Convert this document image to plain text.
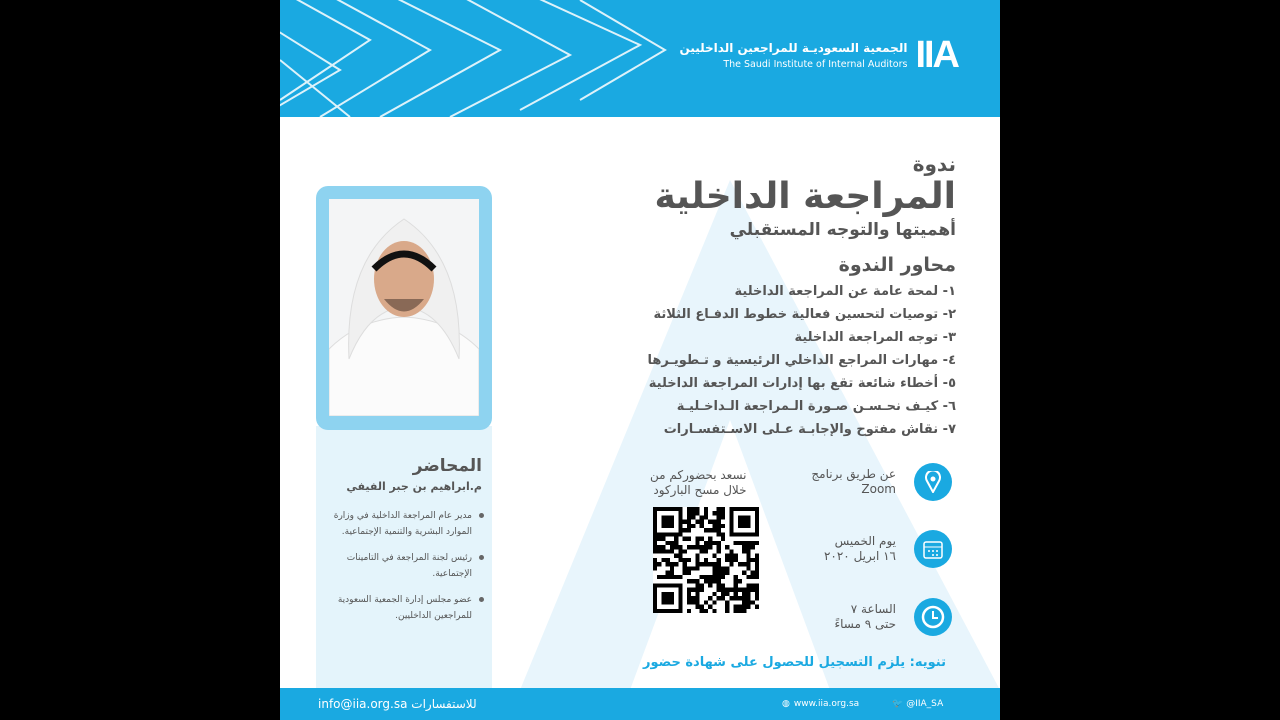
الجمعية السعوديـة للمراجعين الداخليين
The Saudi Institute of Internal Auditors IIA
ندوة
المراجعة الداخلية
أهميتها والتوجه المستقبلي
محاور الندوة
١- لمحة عامة عن المراجعة الداخلية
٢- توصيات لتحسين فعالية خطوط الدفـاع الثلاثة
٣- توجه المراجعة الداخلية
٤- مهارات المراجع الداخلي الرئيسية و تـطويـرها
٥- أخطاء شائعة تقع بها إدارات المراجعة الداخلية
٦- كيـف نحـسـن صـورة الـمراجعة الـداخـليـة
٧- نقاش مفتوح والإجابـة عـلى الاسـتفسـارات
المحاضر
م.ابراهيم بن جبر الفيفي
مدير عام المراجعة الداخلية في وزارة الموارد البشرية والتنمية الإجتماعية.
رئيس لجنة المراجعة في التامينات الإجتماعية.
عضو مجلس إدارة الجمعية السعودية للمراجعين الداخليين.
عن طريق برنامج
Zoom
يوم الخميس
١٦ ابريل ٢٠٢٠
الساعة ٧
حتى ٩ مساءً
نسعد بحضوركم من
خلال مسح الباركود
تنويه: يلزم التسجيل للحصول على شهادة حضور
info@iia.org.sa للاستفسارات	◍ www.iia.org.sa	🐦 @IIA_SA
